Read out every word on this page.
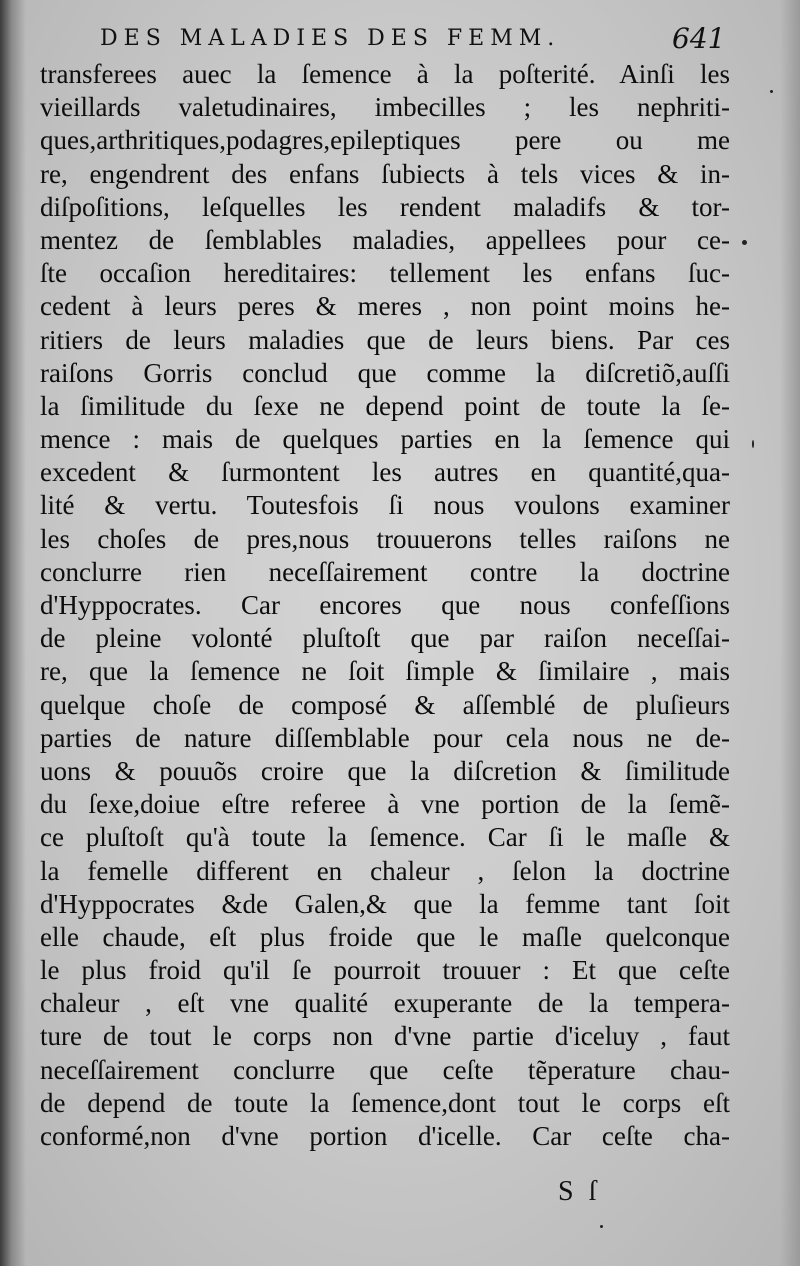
DES MALADIES DES FEMM.	641
transferees auec la ſemence à la poſterité. Ainſi les
vieillards valetudinaires, imbecilles ; les nephriti-
ques,arthritiques,podagres,epileptiques pere ou me
re, engendrent des enfans ſubiects à tels vices & in-
diſpoſitions, leſquelles les rendent maladifs & tor-
mentez de ſemblables maladies, appellees pour ce-
ſte occaſion hereditaires: tellement les enfans ſuc-
cedent à leurs peres & meres , non point moins he-
ritiers de leurs maladies que de leurs biens. Par ces
raiſons Gorris conclud que comme la diſcretiõ,auſſi
la ſimilitude du ſexe ne depend point de toute la ſe-
mence : mais de quelques parties en la ſemence qui
excedent & ſurmontent les autres en quantité,qua-
lité & vertu. Toutesfois ſi nous voulons examiner
les choſes de pres,nous trouuerons telles raiſons ne
conclurre rien neceſſairement contre la doctrine
d'Hyppocrates. Car encores que nous confeſſions
de pleine volonté pluſtoſt que par raiſon neceſſai-
re, que la ſemence ne ſoit ſimple & ſimilaire , mais
quelque choſe de composé & aſſemblé de pluſieurs
parties de nature diſſemblable pour cela nous ne de-
uons & pouuõs croire que la diſcretion & ſimilitude
du ſexe,doiue eſtre referee à vne portion de la ſemẽ-
ce pluſtoſt qu'à toute la ſemence. Car ſi le maſle &
la femelle different en chaleur , ſelon la doctrine
d'Hyppocrates &de Galen,& que la femme tant ſoit
elle chaude, eſt plus froide que le maſle quelconque
le plus froid qu'il ſe pourroit trouuer : Et que ceſte
chaleur , eſt vne qualité exuperante de la tempera-
ture de tout le corps non d'vne partie d'iceluy , faut
neceſſairement conclurre que ceſte tẽperature chau-
de depend de toute la ſemence,dont tout le corps eſt
conformé,non d'vne portion d'icelle. Car ceſte cha-
S ſ
